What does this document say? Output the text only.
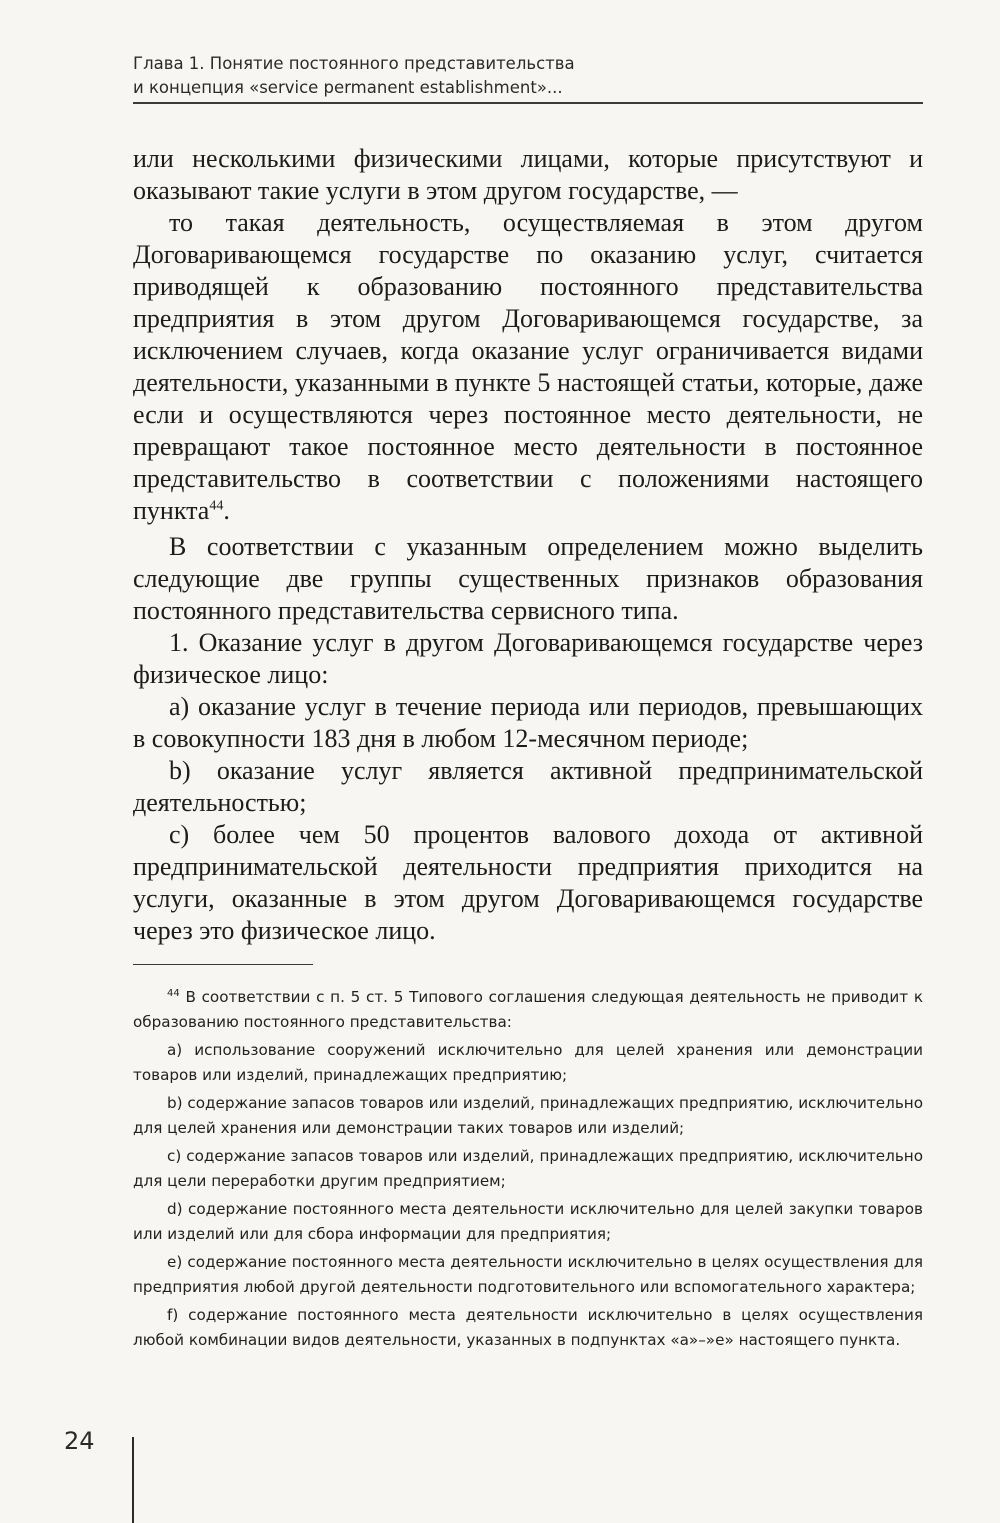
Глава 1. Понятие постоянного представительства
и концепция «service permanent establishment»...

или несколькими физическими лицами, которые присутствуют и оказывают такие услуги в этом другом государстве, —

то такая деятельность, осуществляемая в этом другом Договаривающемся государстве по оказанию услуг, считается приводящей к образованию постоянного представительства предприятия в этом другом Договаривающемся государстве, за исключением случаев, когда оказание услуг ограничивается видами деятельности, указанными в пункте 5 настоящей статьи, которые, даже если и осуществляются через постоянное место деятельности, не превращают такое постоянное место деятельности в постоянное представительство в соответствии с положениями настоящего пункта$^{44}$.

В соответствии с указанным определением можно выделить следующие две группы существенных признаков образования постоянного представительства сервисного типа.

1. Оказание услуг в другом Договаривающемся государстве через физическое лицо:

a) оказание услуг в течение периода или периодов, превышающих в совокупности 183 дня в любом 12-месячном периоде;

b) оказание услуг является активной предпринимательской деятельностью;

c) более чем 50 процентов валового дохода от активной предпринимательской деятельности предприятия приходится на услуги, оказанные в этом другом Договаривающемся государстве через это физическое лицо.

$^{44}$ В соответствии с п. 5 ст. 5 Типового соглашения следующая деятельность не приводит к образованию постоянного представительства:

a) использование сооружений исключительно для целей хранения или демонстрации товаров или изделий, принадлежащих предприятию;

b) содержание запасов товаров или изделий, принадлежащих предприятию, исключительно для целей хранения или демонстрации таких товаров или изделий;

c) содержание запасов товаров или изделий, принадлежащих предприятию, исключительно для цели переработки другим предприятием;

d) содержание постоянного места деятельности исключительно для целей закупки товаров или изделий или для сбора информации для предприятия;

e) содержание постоянного места деятельности исключительно в целях осуществления для предприятия любой другой деятельности подготовительного или вспомогательного характера;

f) содержание постоянного места деятельности исключительно в целях осуществления любой комбинации видов деятельности, указанных в подпунктах «a»–»e» настоящего пункта.

24
